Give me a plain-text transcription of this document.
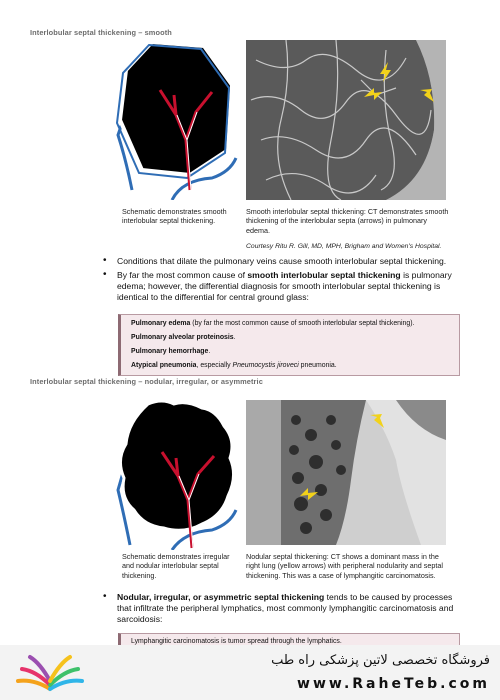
Interlobular septal thickening – smooth
Schematic demonstrates smooth interlobular septal thickening.
Smooth interlobular septal thickening: CT demonstrates smooth thickening of the interlobular septa (arrows) in pulmonary edema.
Courtesy Ritu R. Gill, MD, MPH, Brigham and Women's Hospital.
• Conditions that dilate the pulmonary veins cause smooth interlobular septal thickening.
• By far the most common cause of smooth interlobular septal thickening is pulmonary edema; however, the differential diagnosis for smooth interlobular septal thickening is identical to the differential for central ground glass:
Pulmonary edema (by far the most common cause of smooth interlobular septal thickening).
Pulmonary alveolar proteinosis.
Pulmonary hemorrhage.
Atypical pneumonia, especially Pneumocystis jiroveci pneumonia.
Interlobular septal thickening – nodular, irregular, or asymmetric
Schematic demonstrates irregular and nodular interlobular septal thickening.
Nodular septal thickening: CT shows a dominant mass in the right lung (yellow arrows) with peripheral nodularity and septal thickening. This was a case of lymphangitic carcinomatosis.
• Nodular, irregular, or asymmetric septal thickening tends to be caused by processes that infiltrate the peripheral lymphatics, most commonly lymphangitic carcinomatosis and sarcoidosis:
Lymphangitic carcinomatosis is tumor spread through the lymphatics.
فروشگاه تخصصی لاتین پزشکی راه طب
www.RaheTeb.com
